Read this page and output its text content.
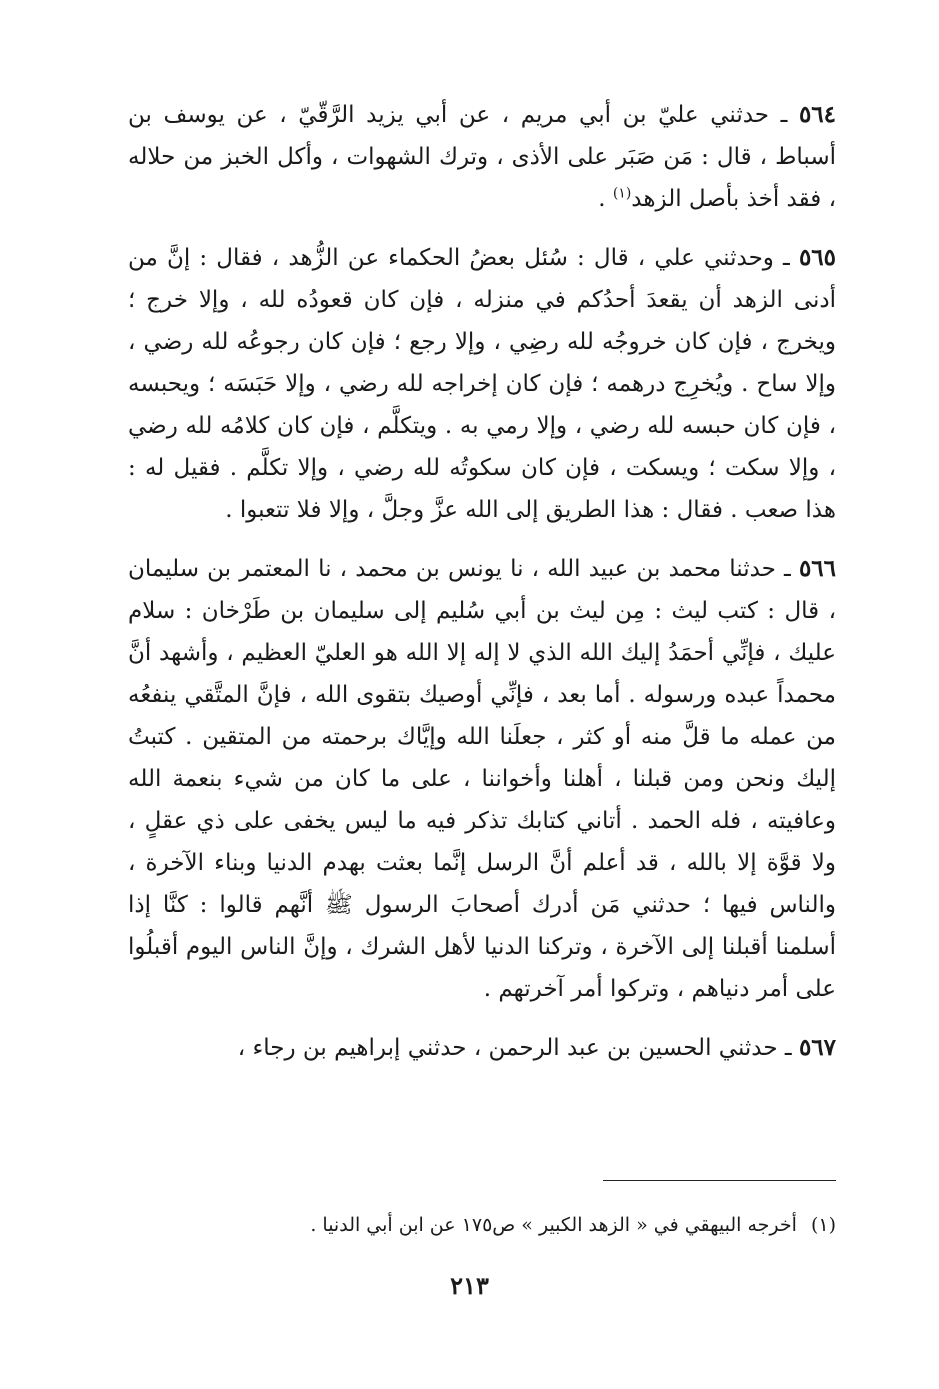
٥٦٤ ـ حدثني عليّ بن أبي مريم ، عن أبي يزيد الرَّقّيّ ، عن يوسف بن أسباط ، قال : مَن صَبَر على الأذى ، وترك الشهوات ، وأكل الخبز من حلاله ، فقد أخذ بأصل الزهد$^{(١)}$ .

٥٦٥ ـ وحدثني علي ، قال : سُئل بعضُ الحكماء عن الزُّهد ، فقال : إنَّ من أدنى الزهد أن يقعدَ أحدُكم في منزله ، فإن كان قعودُه لله ، وإلا خرج ؛ ويخرج ، فإن كان خروجُه لله رضِي ، وإلا رجع ؛ فإن كان رجوعُه لله رضي ، وإلا ساح . ويُخرِج درهمه ؛ فإن كان إخراجه لله رضي ، وإلا حَبَسَه ؛ ويحبسه ، فإن كان حبسه لله رضي ، وإلا رمي به . ويتكلَّم ، فإن كان كلامُه لله رضي ، وإلا سكت ؛ ويسكت ، فإن كان سكوتُه لله رضي ، وإلا تكلَّم . فقيل له : هذا صعب . فقال : هذا الطريق إلى الله عزَّ وجلَّ ، وإلا فلا تتعبوا .

٥٦٦ ـ حدثنا محمد بن عبيد الله ، نا يونس بن محمد ، نا المعتمر بن سليمان ، قال : كتب ليث : مِن ليث بن أبي سُليم إلى سليمان بن طَرْخان : سلام عليك ، فإنِّي أحمَدُ إليك الله الذي لا إله إلا الله هو العليّ العظيم ، وأشهد أنَّ محمداً عبده ورسوله . أما بعد ، فإنِّي أوصيك بتقوى الله ، فإنَّ المتَّقي ينفعُه من عمله ما قلَّ منه أو كثر ، جعلَنا الله وإيَّاك برحمته من المتقين . كتبتُ إليك ونحن ومن قبلنا ، أهلنا وأخواننا ، على ما كان من شيء بنعمة الله وعافيته ، فله الحمد . أتاني كتابك تذكر فيه ما ليس يخفى على ذي عقلٍ ، ولا قوَّة إلا بالله ، قد أعلم أنَّ الرسل إنَّما بعثت بهدم الدنيا وبناء الآخرة ، والناس فيها ؛ حدثني مَن أدرك أصحابَ الرسول ﷺ أنَّهم قالوا : كنَّا إذا أسلمنا أقبلنا إلى الآخرة ، وتركنا الدنيا لأهل الشرك ، وإنَّ الناس اليوم أقبلُوا على أمر دنياهم ، وتركوا أمر آخرتهم .

٥٦٧ ـ حدثني الحسين بن عبد الرحمن ، حدثني إبراهيم بن رجاء ،

(١)أخرجه البيهقي في « الزهد الكبير » ص١٧٥ عن ابن أبي الدنيا .
٢١٣
